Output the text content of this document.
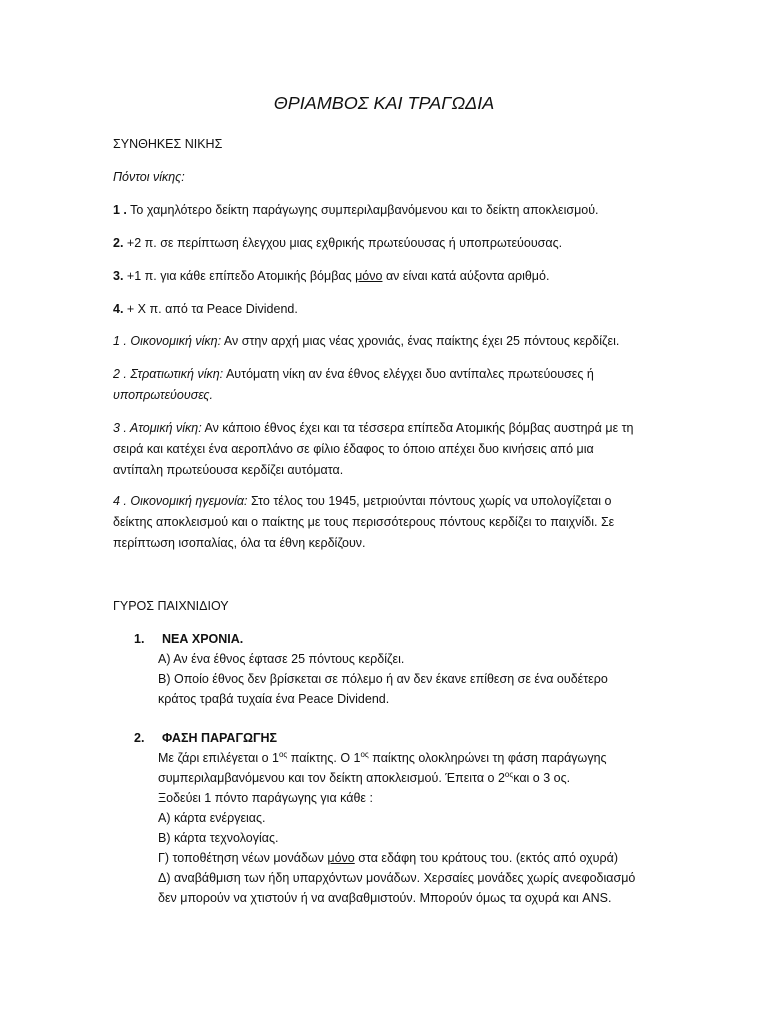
ΘΡΙΑΜΒΟΣ ΚΑΙ ΤΡΑΓΩΔΙΑ
ΣΥΝΘΗΚΕΣ ΝΙΚΗΣ
Πόντοι νίκης:
1 . Το χαμηλότερο δείκτη παράγωγης συμπεριλαμβανόμενου και το δείκτη αποκλεισμού.
2. +2 π. σε περίπτωση έλεγχου μιας εχθρικής πρωτεύουσας ή υποπρωτεύουσας.
3. +1 π. για κάθε επίπεδο Ατομικής βόμβας μόνο αν είναι κατά αύξοντα αριθμό.
4. + X π. από τα Peace Dividend.
1 . Οικονομική νίκη: Αν στην αρχή μιας νέας χρονιάς, ένας παίκτης έχει 25 πόντους κερδίζει.
2 . Στρατιωτική νίκη: Αυτόματη νίκη αν ένα έθνος ελέγχει δυο αντίπαλες πρωτεύουσες ή
υποπρωτεύουσες.
3 . Ατομική νίκη: Αν κάποιο έθνος έχει και τα τέσσερα επίπεδα Ατομικής βόμβας αυστηρά με τη
σειρά και κατέχει ένα αεροπλάνο σε φίλιο έδαφος το όποιο απέχει δυο κινήσεις από μια
αντίπαλη πρωτεύουσα κερδίζει αυτόματα.
4 . Οικονομική ηγεμονία: Στο τέλος του 1945, μετριούνται πόντους χωρίς να υπολογίζεται ο
δείκτης αποκλεισμού και ο παίκτης με τους περισσότερους πόντους κερδίζει το παιχνίδι. Σε
περίπτωση ισοπαλίας, όλα τα έθνη κερδίζουν.
ΓΥΡΟΣ ΠΑΙΧΝΙΔΙΟΥ
1.	ΝΕΑ ΧΡΟΝΙΑ.
Α) Αν ένα έθνος έφτασε 25 πόντους κερδίζει.
Β) Οποίο έθνος δεν βρίσκεται σε πόλεμο ή αν δεν έκανε επίθεση σε ένα ουδέτερο
κράτος τραβά τυχαία ένα Peace Dividend.
2.	ΦΑΣΗ ΠΑΡΑΓΩΓΗΣ
Με ζάρι επιλέγεται ο $1^{o\varsigma}$ παίκτης. Ο $1^{o\varsigma}$ παίκτης ολοκληρώνει τη φάση παράγωγης
συμπεριλαμβανόμενου και τον δείκτη αποκλεισμού. Έπειτα ο $2^{o\varsigma}\kappa\alpha\iota$ ο 3 ος.
Ξοδεύει 1 πόντο παράγωγης για κάθε :
Α) κάρτα ενέργειας.
Β) κάρτα τεχνολογίας.
Γ) τοποθέτηση νέων μονάδων μόνο στα εδάφη του κράτους του. (εκτός από οχυρά)
Δ) αναβάθμιση των ήδη υπαρχόντων μονάδων. Χερσαίες μονάδες χωρίς ανεφοδιασμό
δεν μπορούν να χτιστούν ή να αναβαθμιστούν. Μπορούν όμως τα οχυρά και ANS.
